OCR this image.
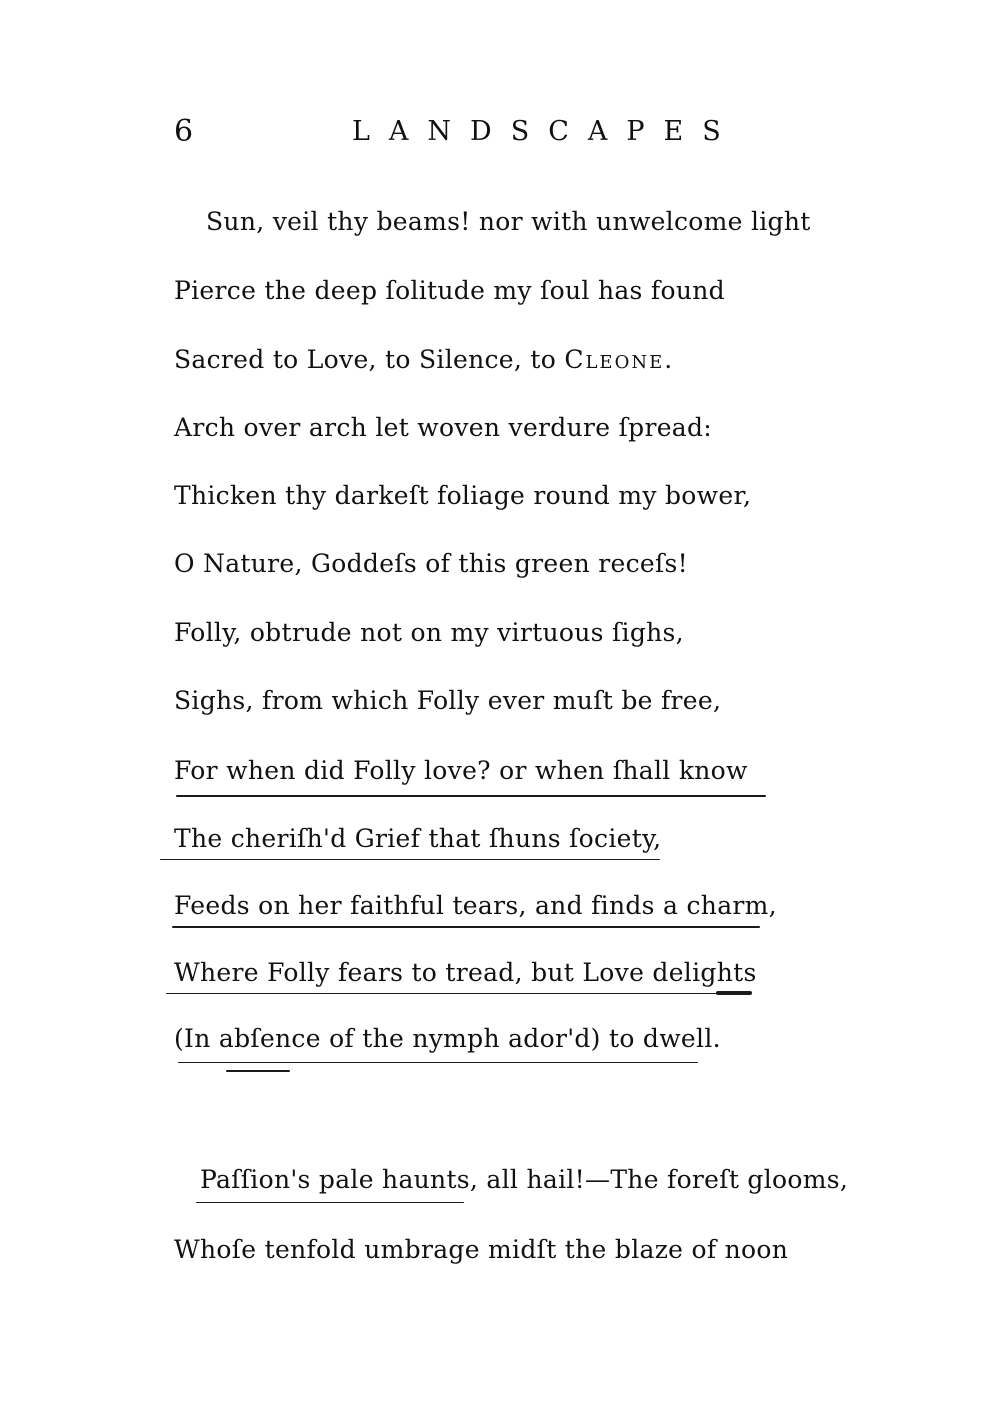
6	LANDSCAPES
Sun, veil thy beams! nor with unwelcome light
Pierce the deep ſolitude my ſoul has found
Sacred to Love, to Silence, to Cleone.
Arch over arch let woven verdure ſpread:
Thicken thy darkeſt foliage round my bower,
O Nature, Goddeſs of this green receſs!
Folly, obtrude not on my virtuous ſighs,
Sighs, from which Folly ever muſt be free,
For when did Folly love? or when ſhall know
The cheriſh'd Grief that ſhuns ſociety,
Feeds on her faithful tears, and finds a charm,
Where Folly fears to tread, but Love delights
(In abſence of the nymph ador'd) to dwell.
Paſſion's pale haunts, all hail!—The foreſt glooms,
Whoſe tenfold umbrage midſt the blaze of noon
